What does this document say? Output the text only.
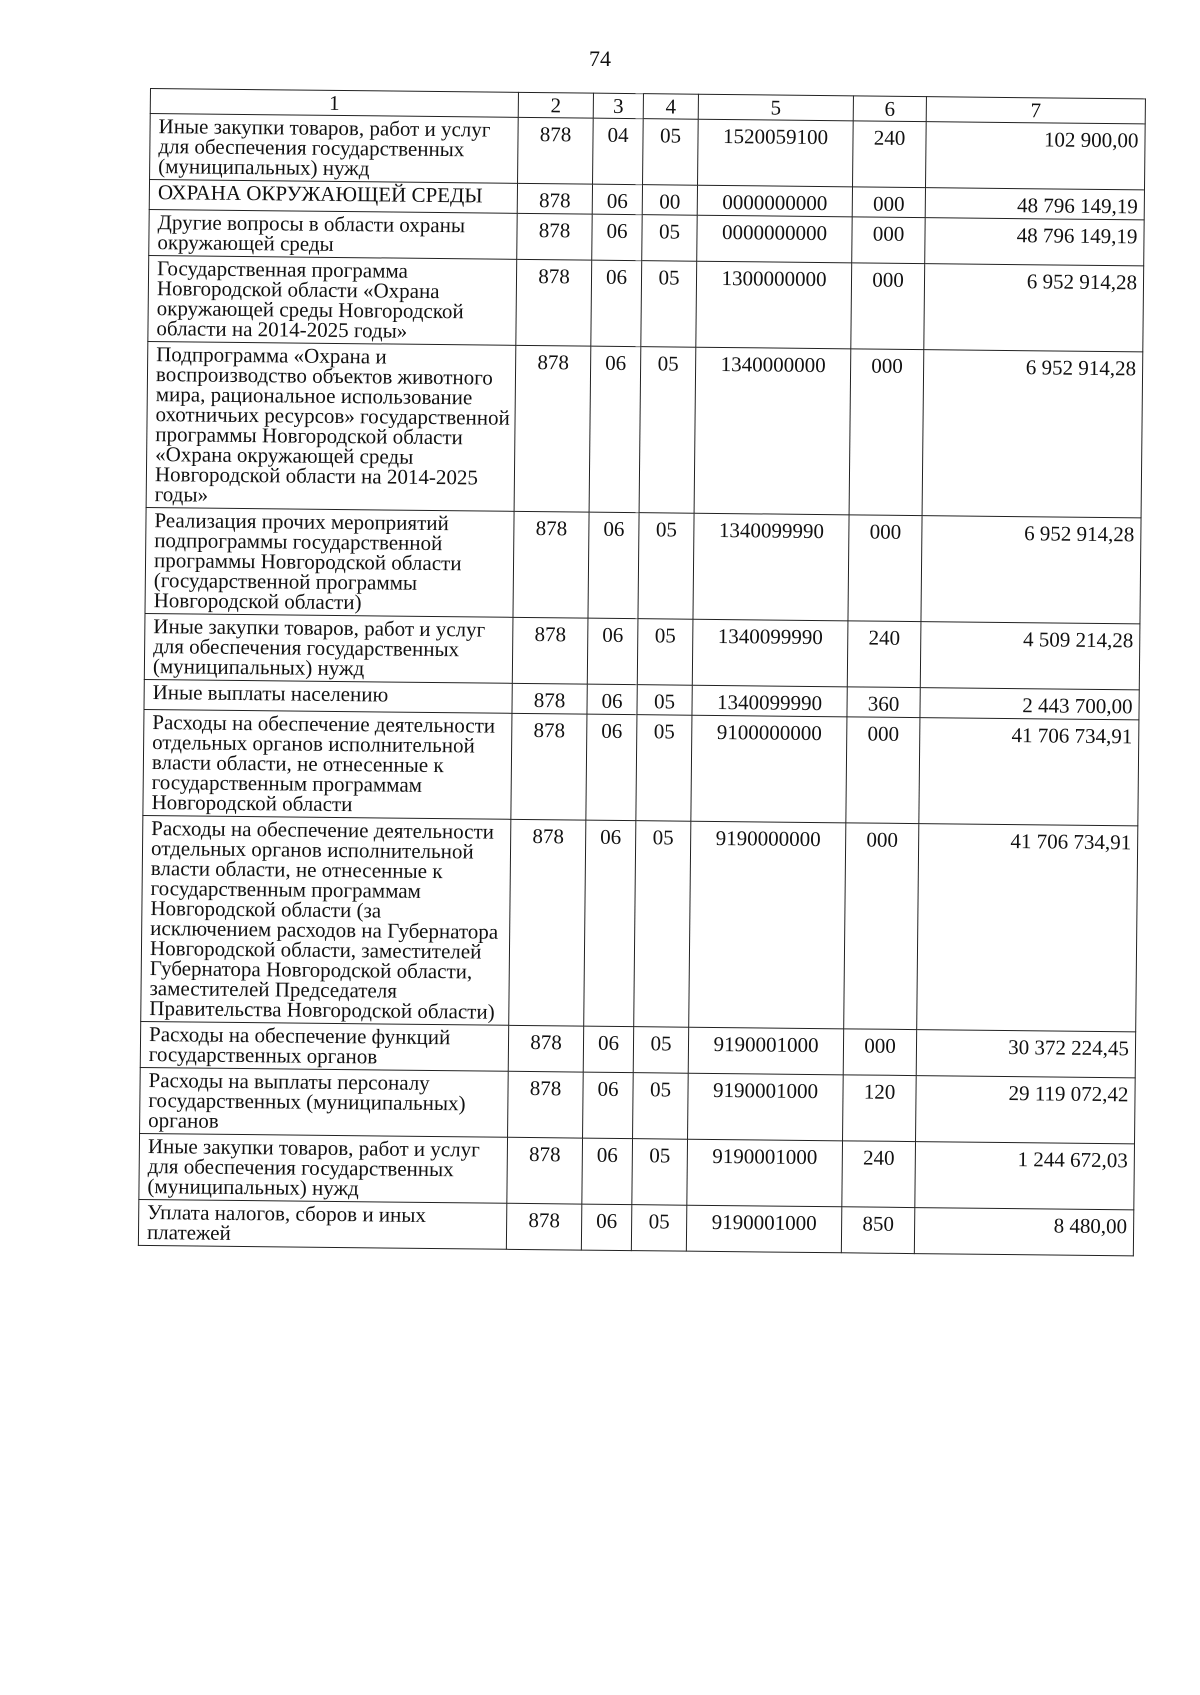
74
1	2	3	4	5	6	7
Иные закупки товаров, работ и услуг для обеспечения государственных (муниципальных) нужд	878	04	05	1520059100	240	102 900,00
ОХРАНА ОКРУЖАЮЩЕЙ СРЕДЫ	878	06	00	0000000000	000	48 796 149,19
Другие вопросы в области охраны окружающей среды	878	06	05	0000000000	000	48 796 149,19
Государственная программа Новгородской области «Охрана окружающей среды Новгородской области на 2014-2025 годы»	878	06	05	1300000000	000	6 952 914,28
Подпрограмма «Охрана и воспроизводство объектов животного мира, рациональное использование охотничьих ресурсов» государственной программы Новгородской области «Охрана окружающей среды Новгородской области на 2014-2025 годы»	878	06	05	1340000000	000	6 952 914,28
Реализация прочих мероприятий подпрограммы государственной программы Новгородской области (государственной программы Новгородской области)	878	06	05	1340099990	000	6 952 914,28
Иные закупки товаров, работ и услуг для обеспечения государственных (муниципальных) нужд	878	06	05	1340099990	240	4 509 214,28
Иные выплаты населению	878	06	05	1340099990	360	2 443 700,00
Расходы на обеспечение деятельности отдельных органов исполнительной власти области, не отнесенные к государственным программам Новгородской области	878	06	05	9100000000	000	41 706 734,91
Расходы на обеспечение деятельности отдельных органов исполнительной власти области, не отнесенные к государственным программам Новгородской области (за исключением расходов на Губернатора Новгородской области, заместителей Губернатора Новгородской области, заместителей Председателя Правительства Новгородской области)	878	06	05	9190000000	000	41 706 734,91
Расходы на обеспечение функций государственных органов	878	06	05	9190001000	000	30 372 224,45
Расходы на выплаты персоналу государственных (муниципальных) органов	878	06	05	9190001000	120	29 119 072,42
Иные закупки товаров, работ и услуг для обеспечения государственных (муниципальных) нужд	878	06	05	9190001000	240	1 244 672,03
Уплата налогов, сборов и иных платежей	878	06	05	9190001000	850	8 480,00
